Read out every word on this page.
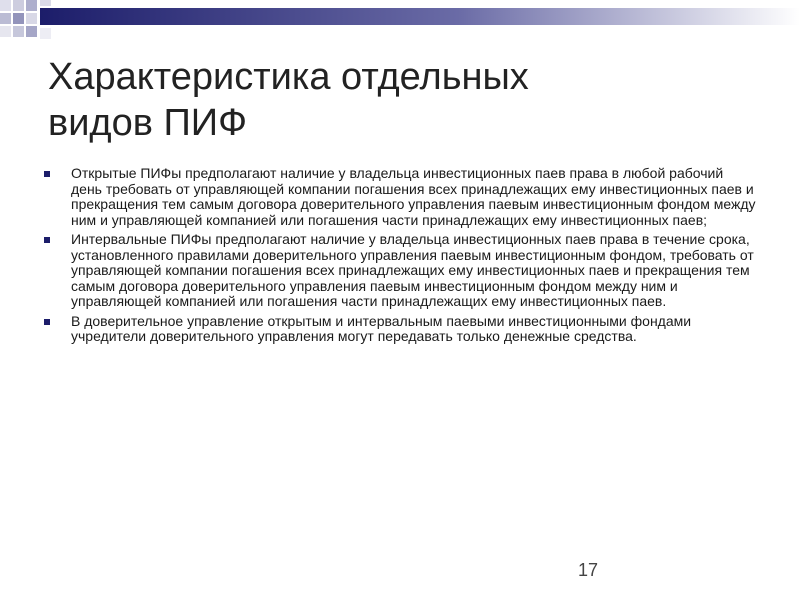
Характеристика отдельных
видов ПИФ
Открытые ПИФы предполагают наличие у владельца инвестиционных паев права в любой рабочий день требовать от управляющей компании погашения всех принадлежащих ему инвестиционных паев и прекращения тем самым договора доверительного управления паевым инвестиционным фондом между ним и управляющей компанией или погашения части принадлежащих ему инвестиционных паев;
Интервальные ПИФы предполагают наличие у владельца инвестиционных паев права в течение срока, установленного правилами доверительного управления паевым инвестиционным фондом, требовать от управляющей компании погашения всех принадлежащих ему инвестиционных паев и прекращения тем самым договора доверительного управления паевым инвестиционным фондом между ним и управляющей компанией или погашения части принадлежащих ему инвестиционных паев.
В доверительное управление открытым и интервальным паевыми инвестиционными фондами учредители доверительного управления могут передавать только денежные средства.
17
